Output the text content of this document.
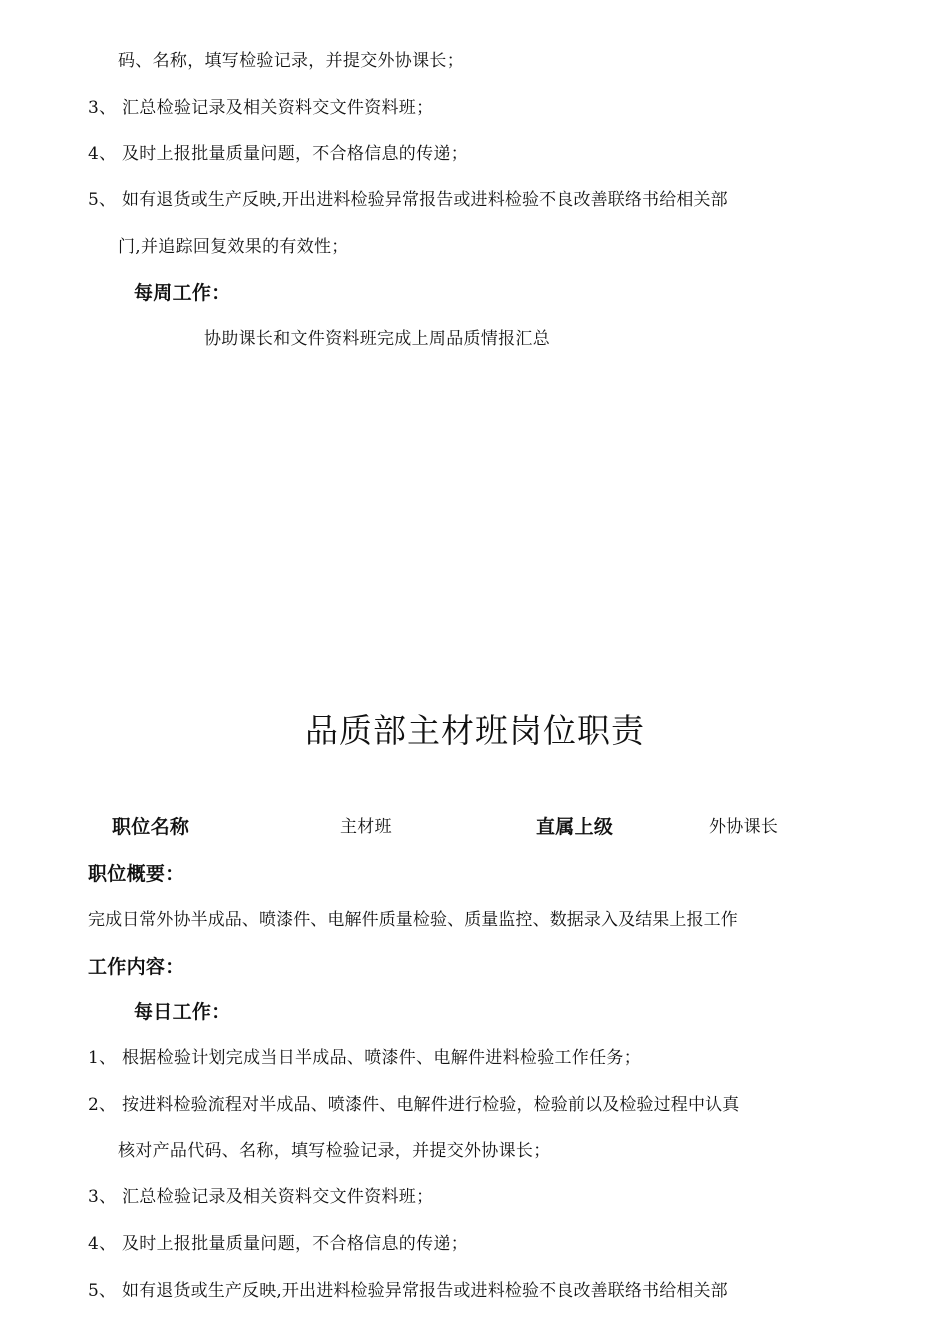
码、名称，填写检验记录，并提交外协课长；
3、 汇总检验记录及相关资料交文件资料班；
4、 及时上报批量质量问题，不合格信息的传递；
5、 如有退货或生产反映,开出进料检验异常报告或进料检验不良改善联络书给相关部
门,并追踪回复效果的有效性；
每周工作：
协助课长和文件资料班完成上周品质情报汇总
品质部主材班岗位职责
职位名称	主材班	直属上级	外协课长
职位概要：
完成日常外协半成品、喷漆件、电解件质量检验、质量监控、数据录入及结果上报工作
工作内容：
每日工作：
1、 根据检验计划完成当日半成品、喷漆件、电解件进料检验工作任务；
2、 按进料检验流程对半成品、喷漆件、电解件进行检验，检验前以及检验过程中认真
核对产品代码、名称，填写检验记录，并提交外协课长；
3、 汇总检验记录及相关资料交文件资料班；
4、 及时上报批量质量问题，不合格信息的传递；
5、 如有退货或生产反映,开出进料检验异常报告或进料检验不良改善联络书给相关部
